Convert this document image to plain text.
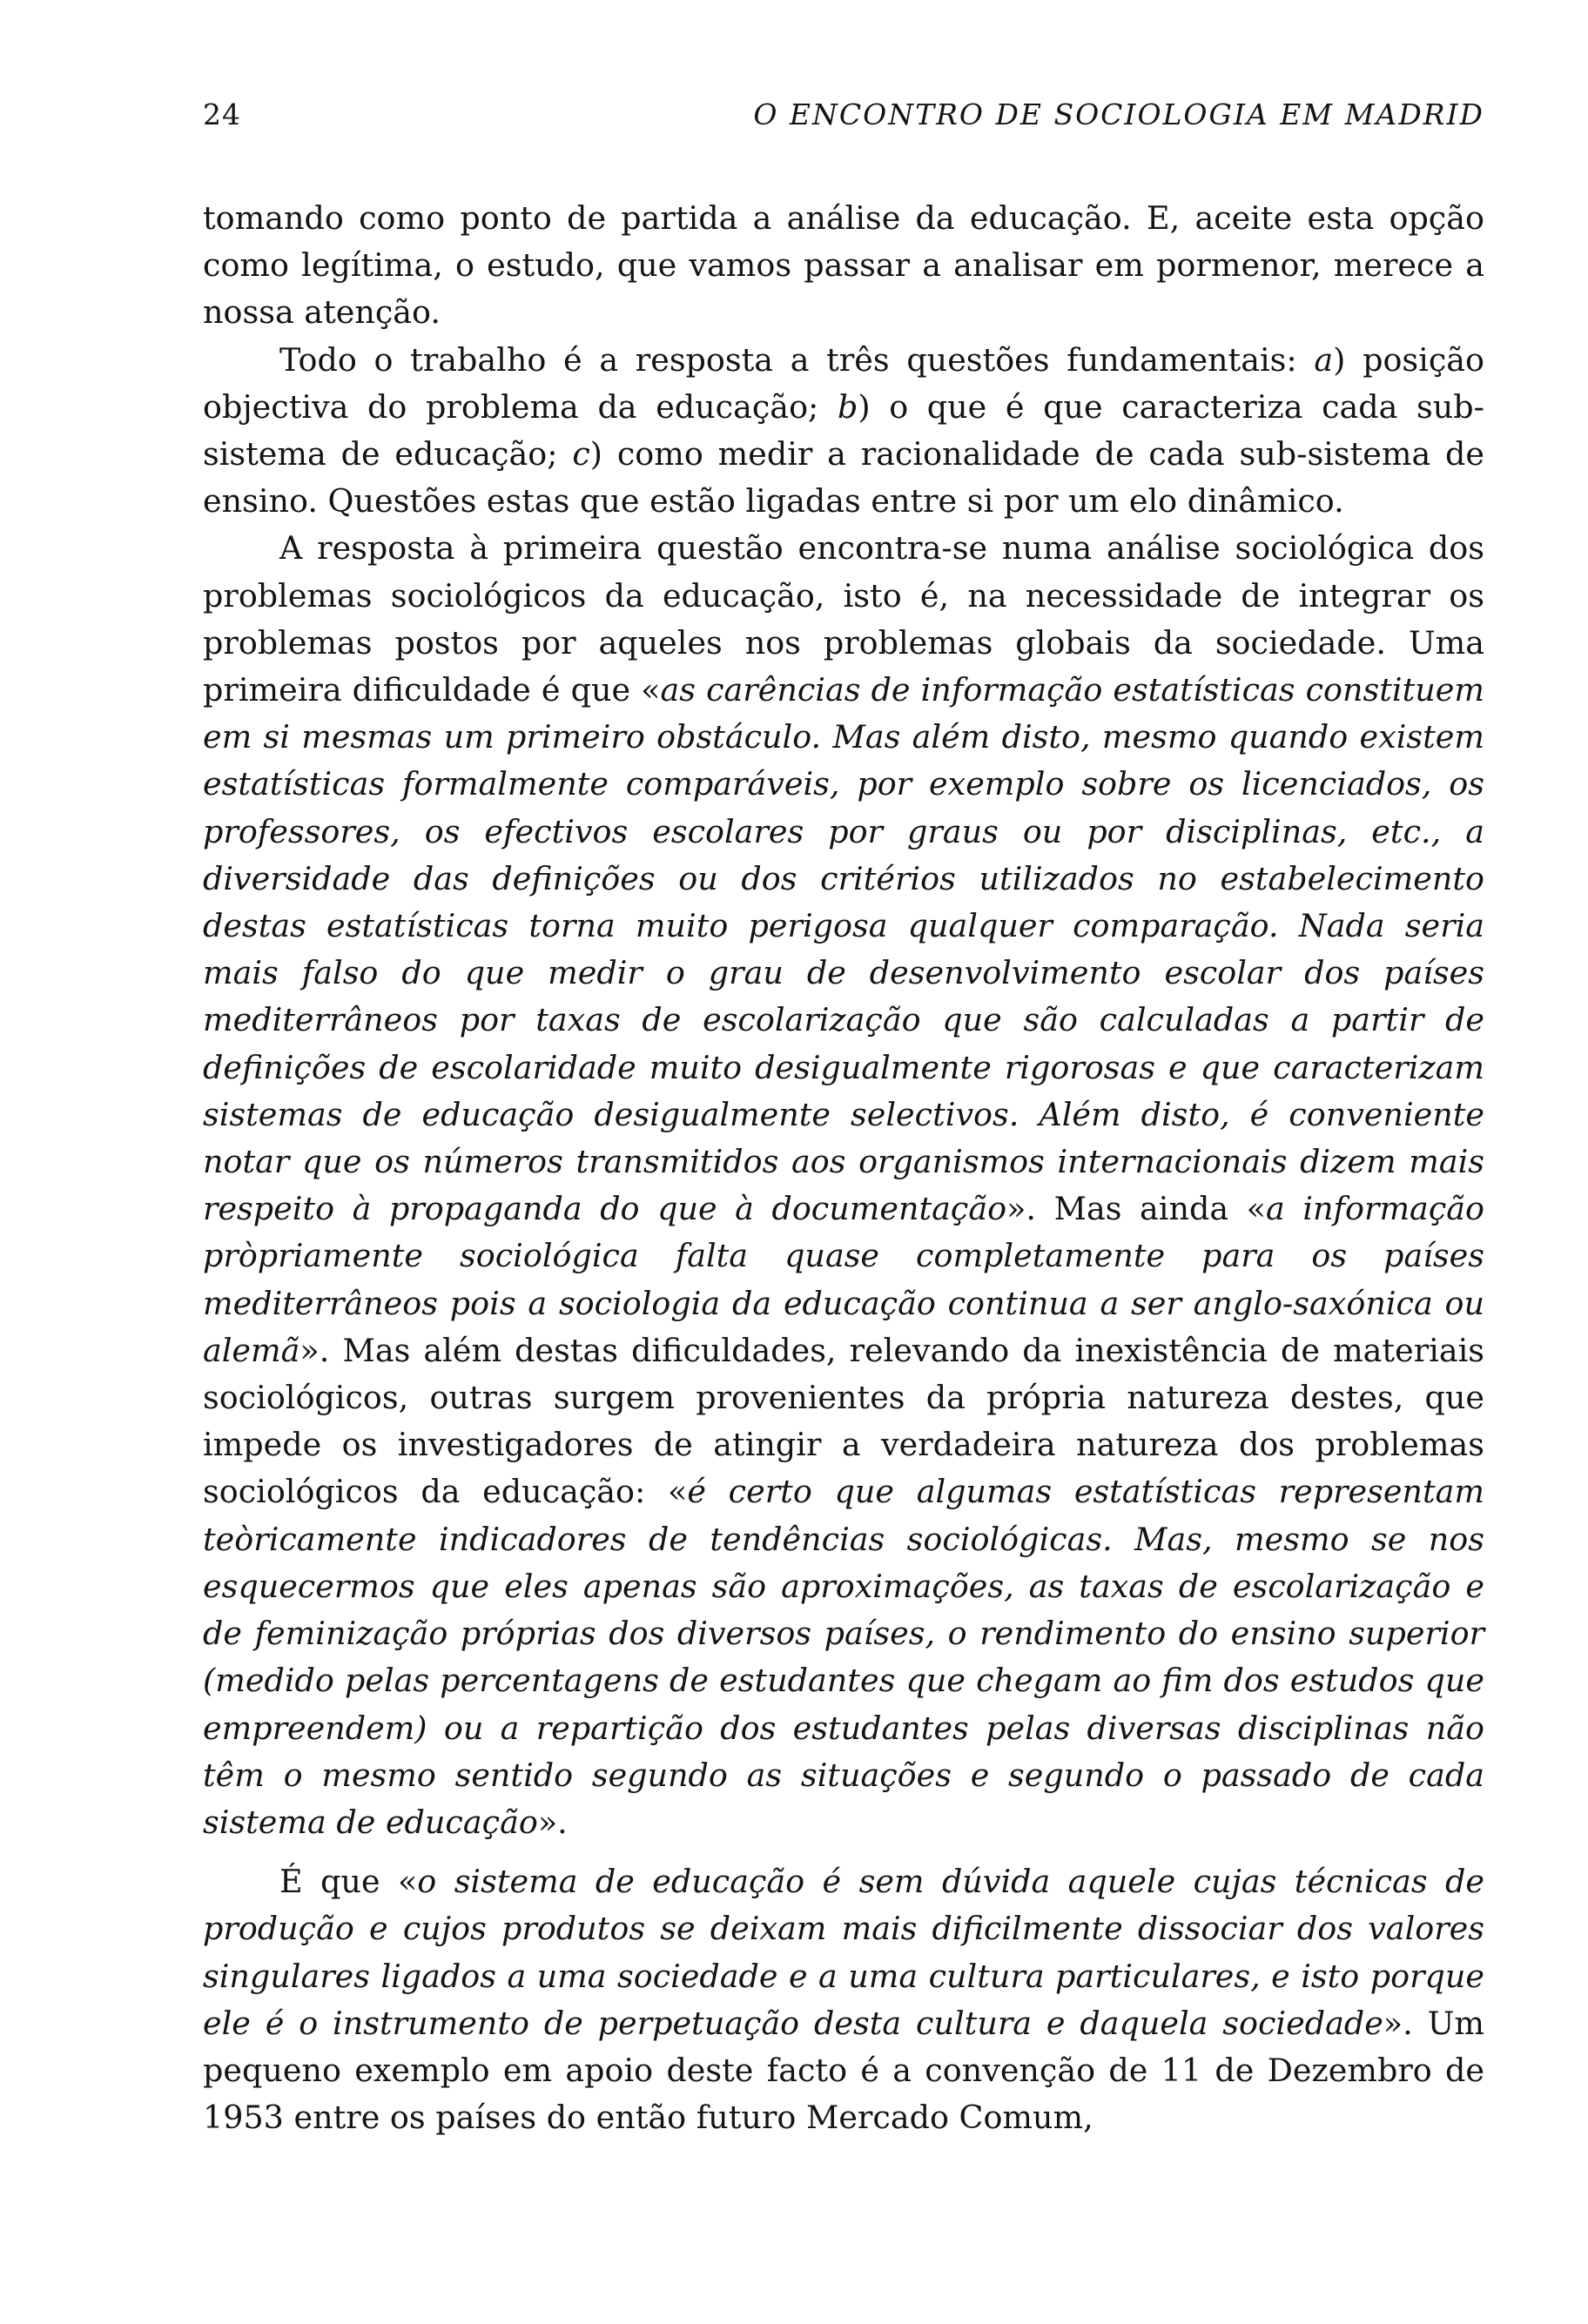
24	O ENCONTRO DE SOCIOLOGIA EM MADRID

tomando como ponto de partida a análise da educação. E, aceite esta opção como legítima, o estudo, que vamos passar a analisar em pormenor, merece a nossa atenção.

Todo o trabalho é a resposta a três questões fundamentais: a) posição objectiva do problema da educação; b) o que é que caracteriza cada sub-sistema de educação; c) como medir a racionalidade de cada sub-sistema de ensino. Questões estas que estão ligadas entre si por um elo dinâmico.

A resposta à primeira questão encontra-se numa análise sociológica dos problemas sociológicos da educação, isto é, na necessidade de integrar os problemas postos por aqueles nos problemas globais da sociedade. Uma primeira dificuldade é que «as carências de informação estatísticas constituem em si mesmas um primeiro obstáculo. Mas além disto, mesmo quando existem estatísticas formalmente comparáveis, por exemplo sobre os licenciados, os professores, os efectivos escolares por graus ou por disciplinas, etc., a diversidade das definições ou dos critérios utilizados no estabelecimento destas estatísticas torna muito perigosa qualquer comparação. Nada seria mais falso do que medir o grau de desenvolvimento escolar dos países mediterrâneos por taxas de escolarização que são calculadas a partir de definições de escolaridade muito desigualmente rigorosas e que caracterizam sistemas de educação desigualmente selectivos. Além disto, é conveniente notar que os números transmitidos aos organismos internacionais dizem mais respeito à propaganda do que à documentação». Mas ainda «a informação pròpriamente sociológica falta quase completamente para os países mediterrâneos pois a sociologia da educação continua a ser anglo-saxónica ou alemã». Mas além destas dificuldades, relevando da inexistência de materiais sociológicos, outras surgem provenientes da própria natureza destes, que impede os investigadores de atingir a verdadeira natureza dos problemas sociológicos da educação: «é certo que algumas estatísticas representam teòricamente indicadores de tendências sociológicas. Mas, mesmo se nos esquecermos que eles apenas são aproximações, as taxas de escolarização e de feminização próprias dos diversos países, o rendimento do ensino superior (medido pelas percentagens de estudantes que chegam ao fim dos estudos que empreendem) ou a repartição dos estudantes pelas diversas disciplinas não têm o mesmo sentido segundo as situações e segundo o passado de cada sistema de educação».

É que «o sistema de educação é sem dúvida aquele cujas técnicas de produção e cujos produtos se deixam mais dificilmente dissociar dos valores singulares ligados a uma sociedade e a uma cultura particulares, e isto porque ele é o instrumento de perpetuação desta cultura e daquela sociedade». Um pequeno exemplo em apoio deste facto é a convenção de 11 de Dezembro de 1953 entre os países do então futuro Mercado Comum,
